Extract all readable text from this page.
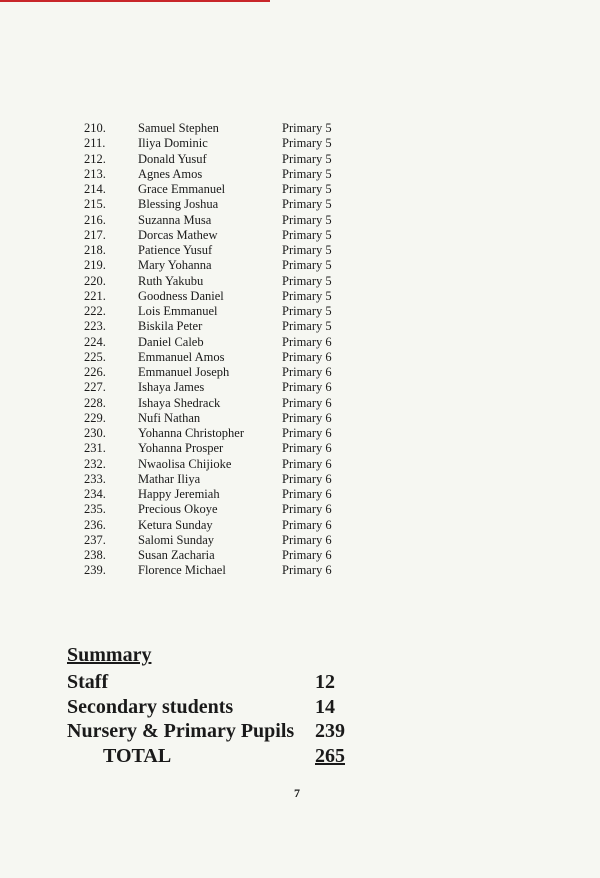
210.	Samuel Stephen	Primary 5
211.	Iliya Dominic	Primary 5
212.	Donald Yusuf	Primary 5
213.	Agnes Amos	Primary 5
214.	Grace Emmanuel	Primary 5
215.	Blessing Joshua	Primary 5
216.	Suzanna Musa	Primary 5
217.	Dorcas Mathew	Primary 5
218.	Patience Yusuf	Primary 5
219.	Mary Yohanna	Primary 5
220.	Ruth Yakubu	Primary 5
221.	Goodness Daniel	Primary 5
222.	Lois Emmanuel	Primary 5
223.	Biskila Peter	Primary 5
224.	Daniel Caleb	Primary 6
225.	Emmanuel Amos	Primary 6
226.	Emmanuel Joseph	Primary 6
227.	Ishaya James	Primary 6
228.	Ishaya Shedrack	Primary 6
229.	Nufi Nathan	Primary 6
230.	Yohanna Christopher	Primary 6
231.	Yohanna Prosper	Primary 6
232.	Nwaolisa Chijioke	Primary 6
233.	Mathar Iliya	Primary 6
234.	Happy Jeremiah	Primary 6
235.	Precious Okoye	Primary 6
236.	Ketura Sunday	Primary 6
237.	Salomi Sunday	Primary 6
238.	Susan Zacharia	Primary 6
239.	Florence Michael	Primary 6
Summary
Staff	12
Secondary students	14
Nursery & Primary Pupils 239
TOTAL	265
7
